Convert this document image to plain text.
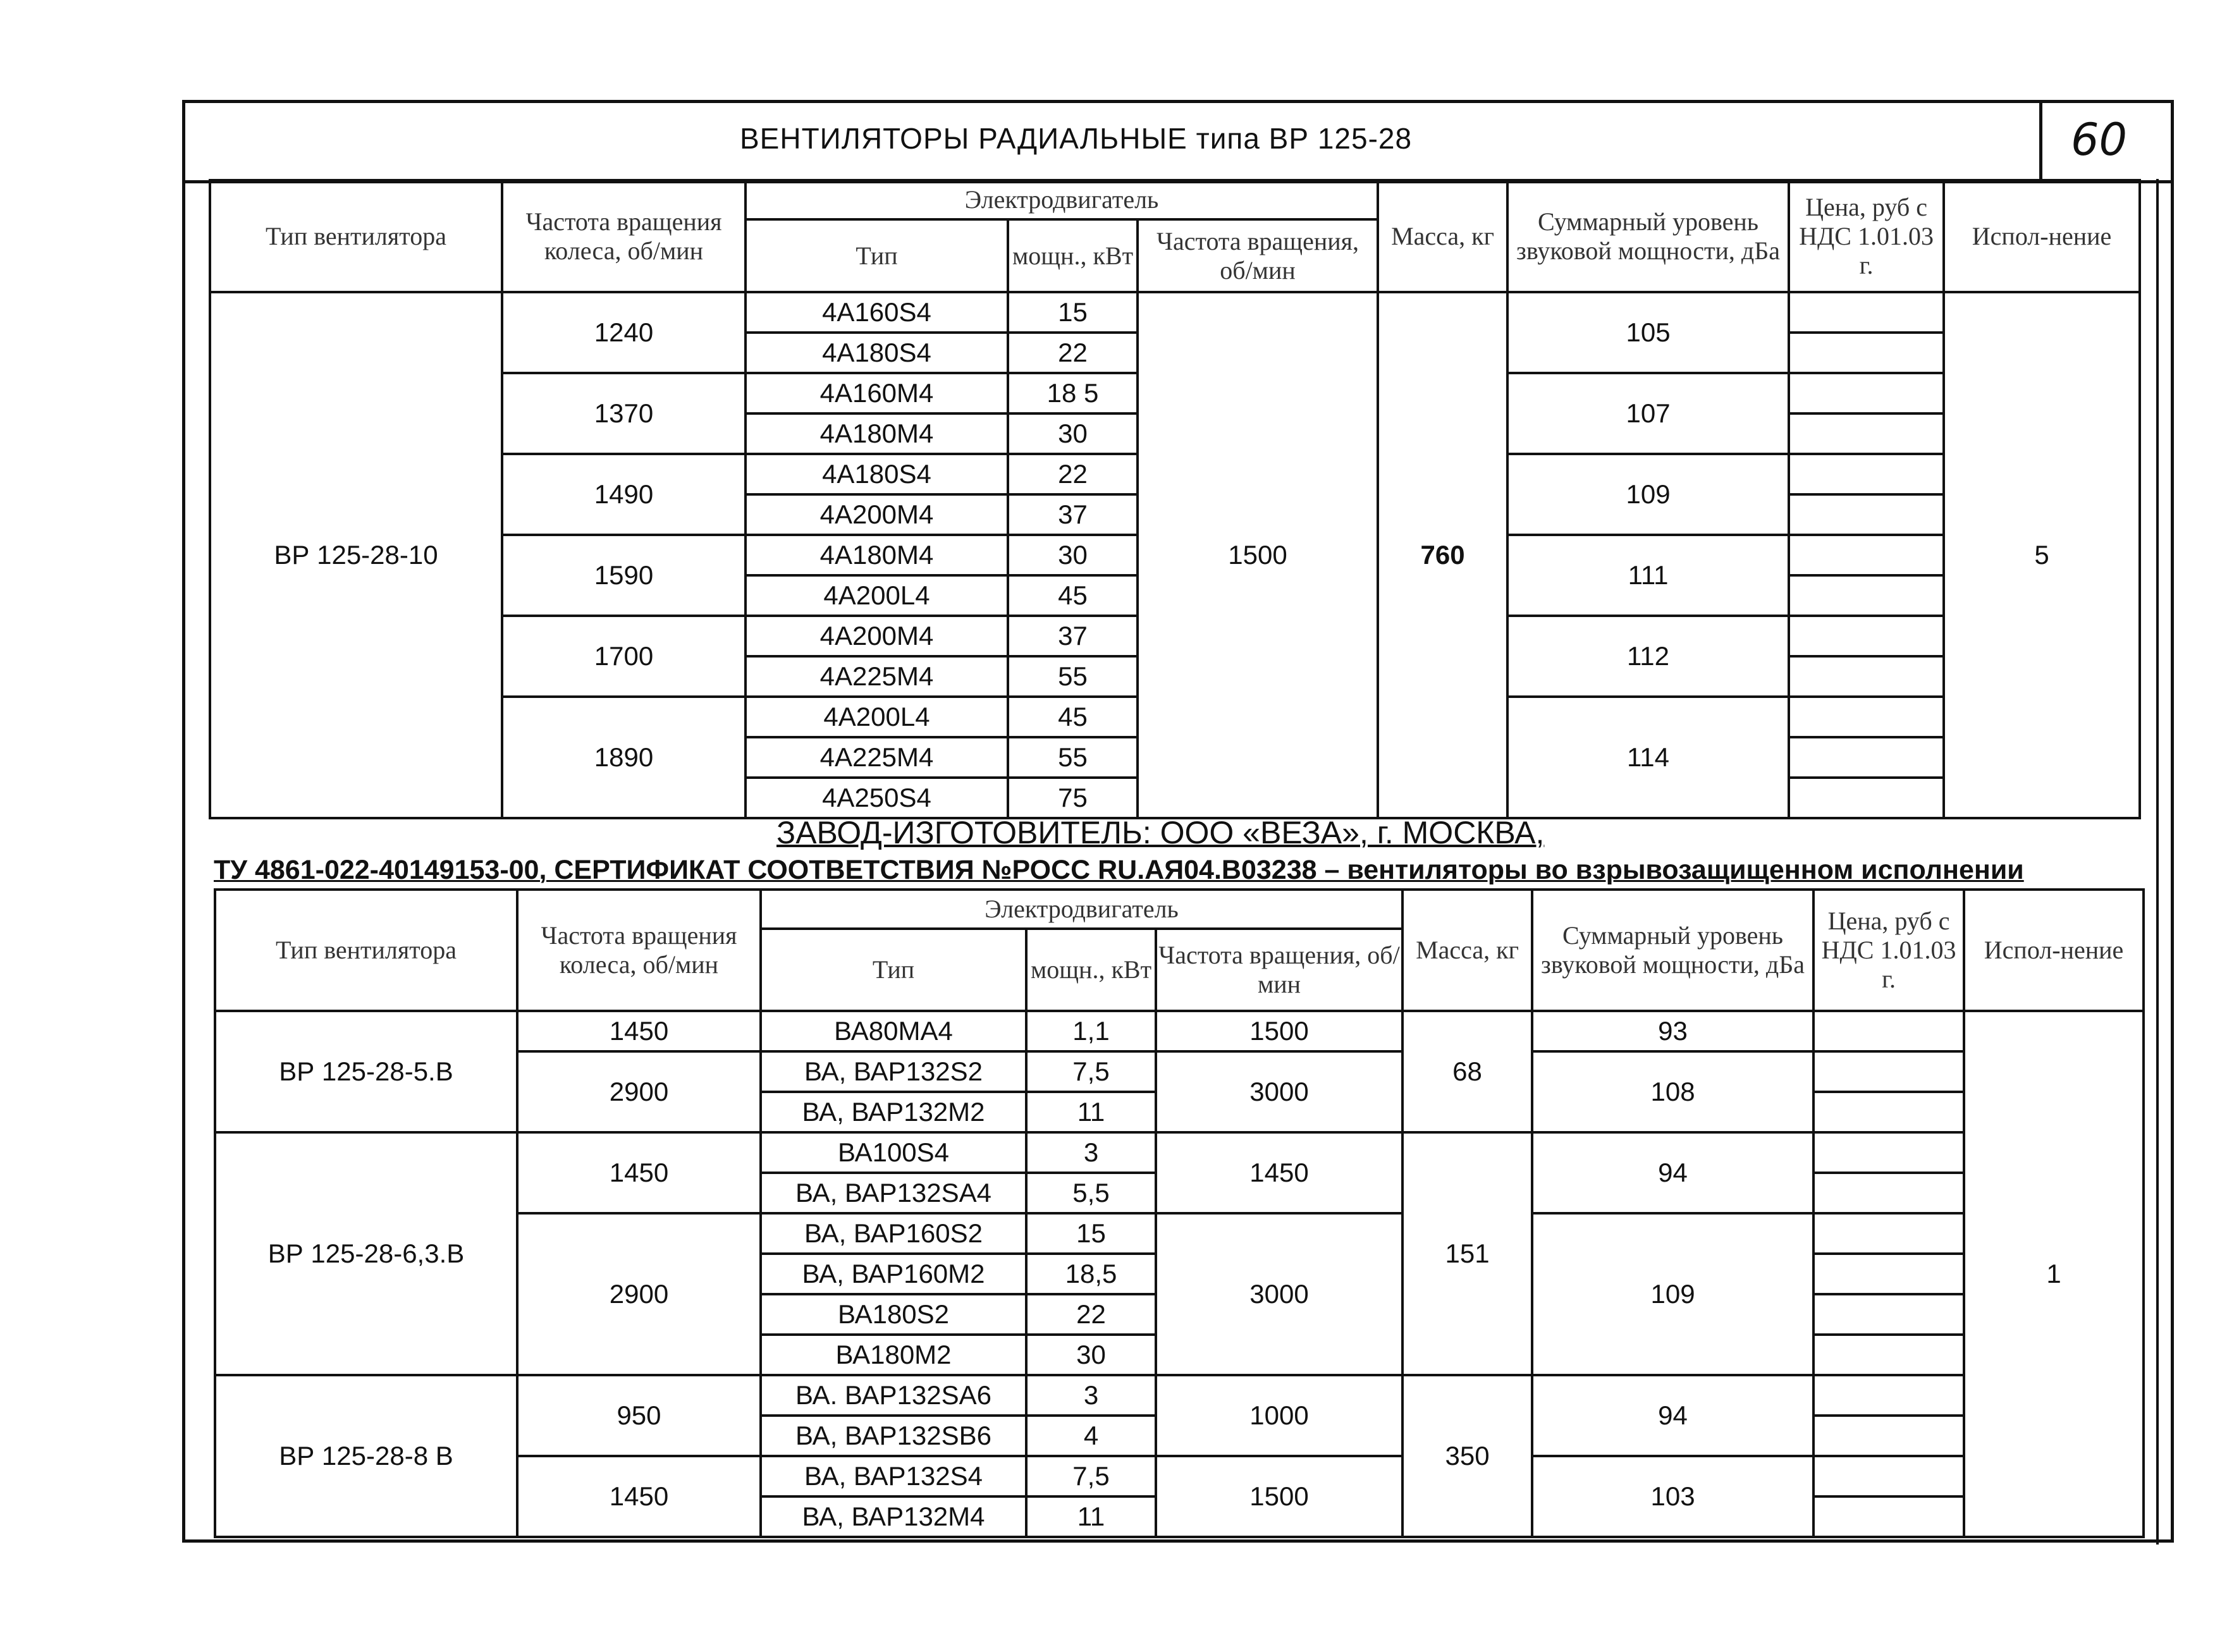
ВЕНТИЛЯТОРЫ РАДИАЛЬНЫЕ типа ВР 125-28	60
Тип вентилятора	Частота вращения колеса, об/мин	Электродвигатель			Масса, кг	Суммарный уровень звуковой мощности, дБа	Цена, руб с НДС 1.01.03 г.	Испол-нение
		Тип	мощн., кВт	Частота вращения, об/мин				
ВР 125-28-10	1240	4А160S4	15	1500	760	105		5
		4А180S4	22					
	1370	4А160М4	18 5			107		
		4А180М4	30					
	1490	4А180S4	22			109		
		4А200М4	37					
	1590	4А180М4	30			111		
		4А200L4	45					
	1700	4А200М4	37			112		
		4А225М4	55					
	1890	4А200L4	45			114		
		4А225М4	55					
		4А250S4	75					
ЗАВОД-ИЗГОТОВИТЕЛЬ: ООО «ВЕЗА», г. МОСКВА,
ТУ 4861-022-40149153-00, СЕРТИФИКАТ СООТВЕТСТВИЯ №РОСС RU.АЯ04.В03238 – вентиляторы во взрывозащищенном исполнении
Тип вентилятора	Частота вращения колеса, об/мин	Электродвигатель			Масса, кг	Суммарный уровень звуковой мощности, дБа	Цена, руб с НДС 1.01.03 г.	Испол-нение
		Тип	мощн., кВт	Частота вращения, об/мин				
ВР 125-28-5.В	1450	ВА80МА4	1,1	1500	68	93		1
	2900	ВА, ВАР132S2	7,5	3000		108		
		ВА, ВАР132М2	11					
ВР 125-28-6,3.В	1450	ВА100S4	3	1450	151	94		
		ВА, ВАР132SA4	5,5					
	2900	ВА, ВАР160S2	15	3000		109		
		ВА, ВАР160М2	18,5					
		ВА180S2	22					
		ВА180М2	30					
ВР 125-28-8 В	950	ВА. ВАР132SA6	3	1000	350	94		
		ВА, ВАР132SB6	4					
	1450	ВА, ВАР132S4	7,5	1500		103		
		ВА, ВАР132М4	11					
